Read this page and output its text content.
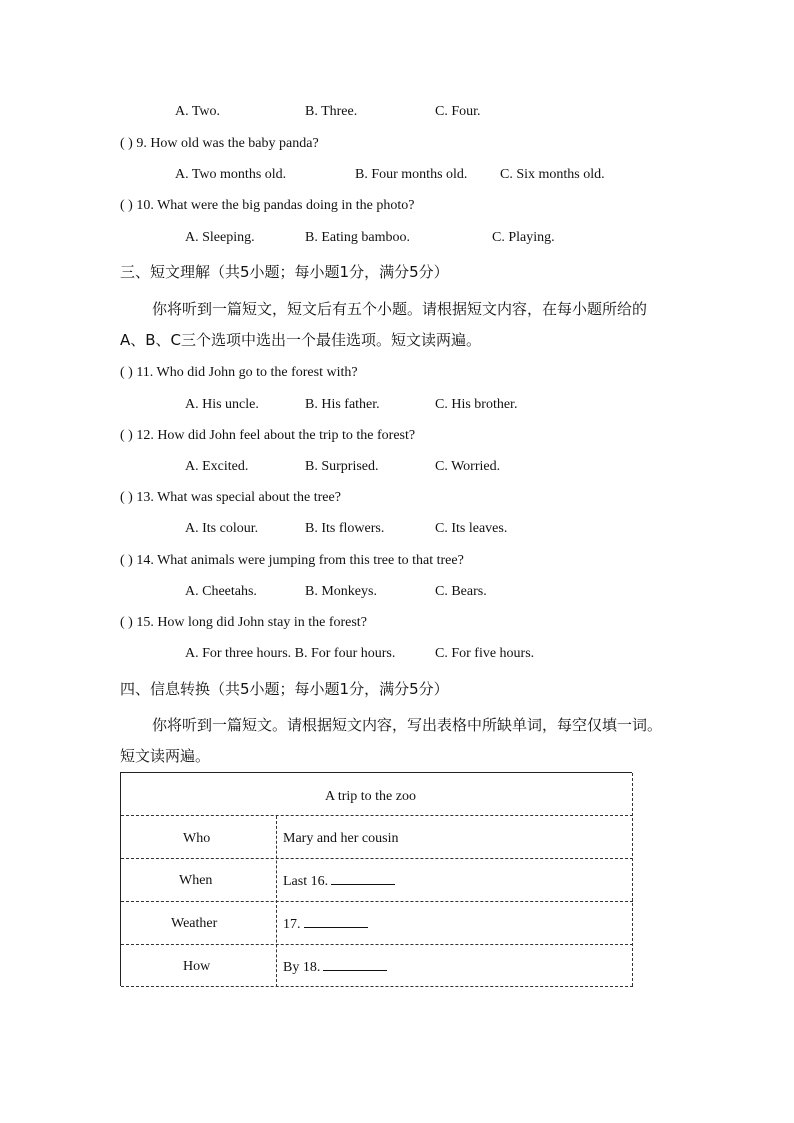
A. Two.	B. Three.	C. Four.
( ) 9. How old was the baby panda?
A. Two months old.	B. Four months old. C. Six months old.
( ) 10. What were the big pandas doing in the photo?
A. Sleeping.	B. Eating bamboo.	C. Playing.
三、短文理解（共5小题；每小题1分，满分5分）
你将听到一篇短文，短文后有五个小题。请根据短文内容，在每小题所给的
A、B、C三个选项中选出一个最佳选项。短文读两遍。
( ) 11. Who did John go to the forest with?
A. His uncle.	B. His father.	C. His brother.
( ) 12. How did John feel about the trip to the forest?
A. Excited.	B. Surprised.	C. Worried.
( ) 13. What was special about the tree?
A. Its colour.	B. Its flowers.	C. Its leaves.
( ) 14. What animals were jumping from this tree to that tree?
A. Cheetahs.	B. Monkeys.	C. Bears.
( ) 15. How long did John stay in the forest?
A. For three hours. B. For four hours.	C. For five hours.
四、信息转换（共5小题；每小题1分，满分5分）
你将听到一篇短文。请根据短文内容，写出表格中所缺单词，每空仅填一词。
短文读两遍。
A trip to the zoo
Who	Mary and her cousin
When	Last 16.
Weather	17.
How	By 18.
